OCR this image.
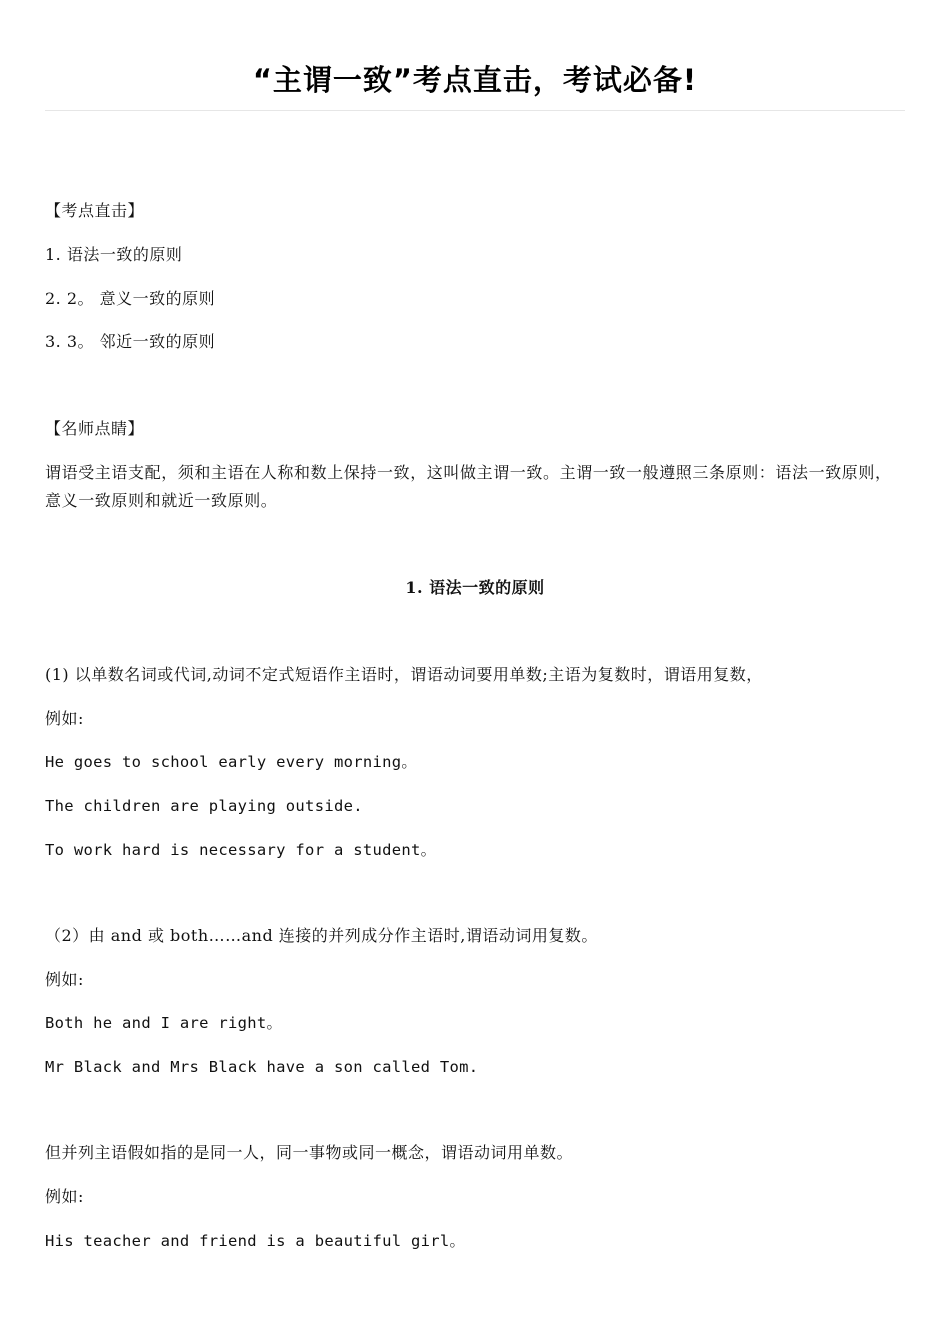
“主谓一致”考点直击，考试必备!
【考点直击】
1. 语法一致的原则
2. 2。 意义一致的原则
3. 3。 邻近一致的原则
【名师点睛】
谓语受主语支配，须和主语在人称和数上保持一致，这叫做主谓一致。主谓一致一般遵照三条原则：语法一致原则，意义一致原则和就近一致原则。
1. 语法一致的原则
(1) 以单数名词或代词,动词不定式短语作主语时，谓语动词要用单数;主语为复数时，谓语用复数，
例如:
He goes to school early every morning。
The children are playing outside.
To work hard is necessary for a student。
（2）由 and 或 both……and 连接的并列成分作主语时,谓语动词用复数。
例如:
Both he and I are right。
Mr Black and Mrs Black have a son called Tom.
但并列主语假如指的是同一人，同一事物或同一概念，谓语动词用单数。
例如:
His teacher and friend is a beautiful girl。
